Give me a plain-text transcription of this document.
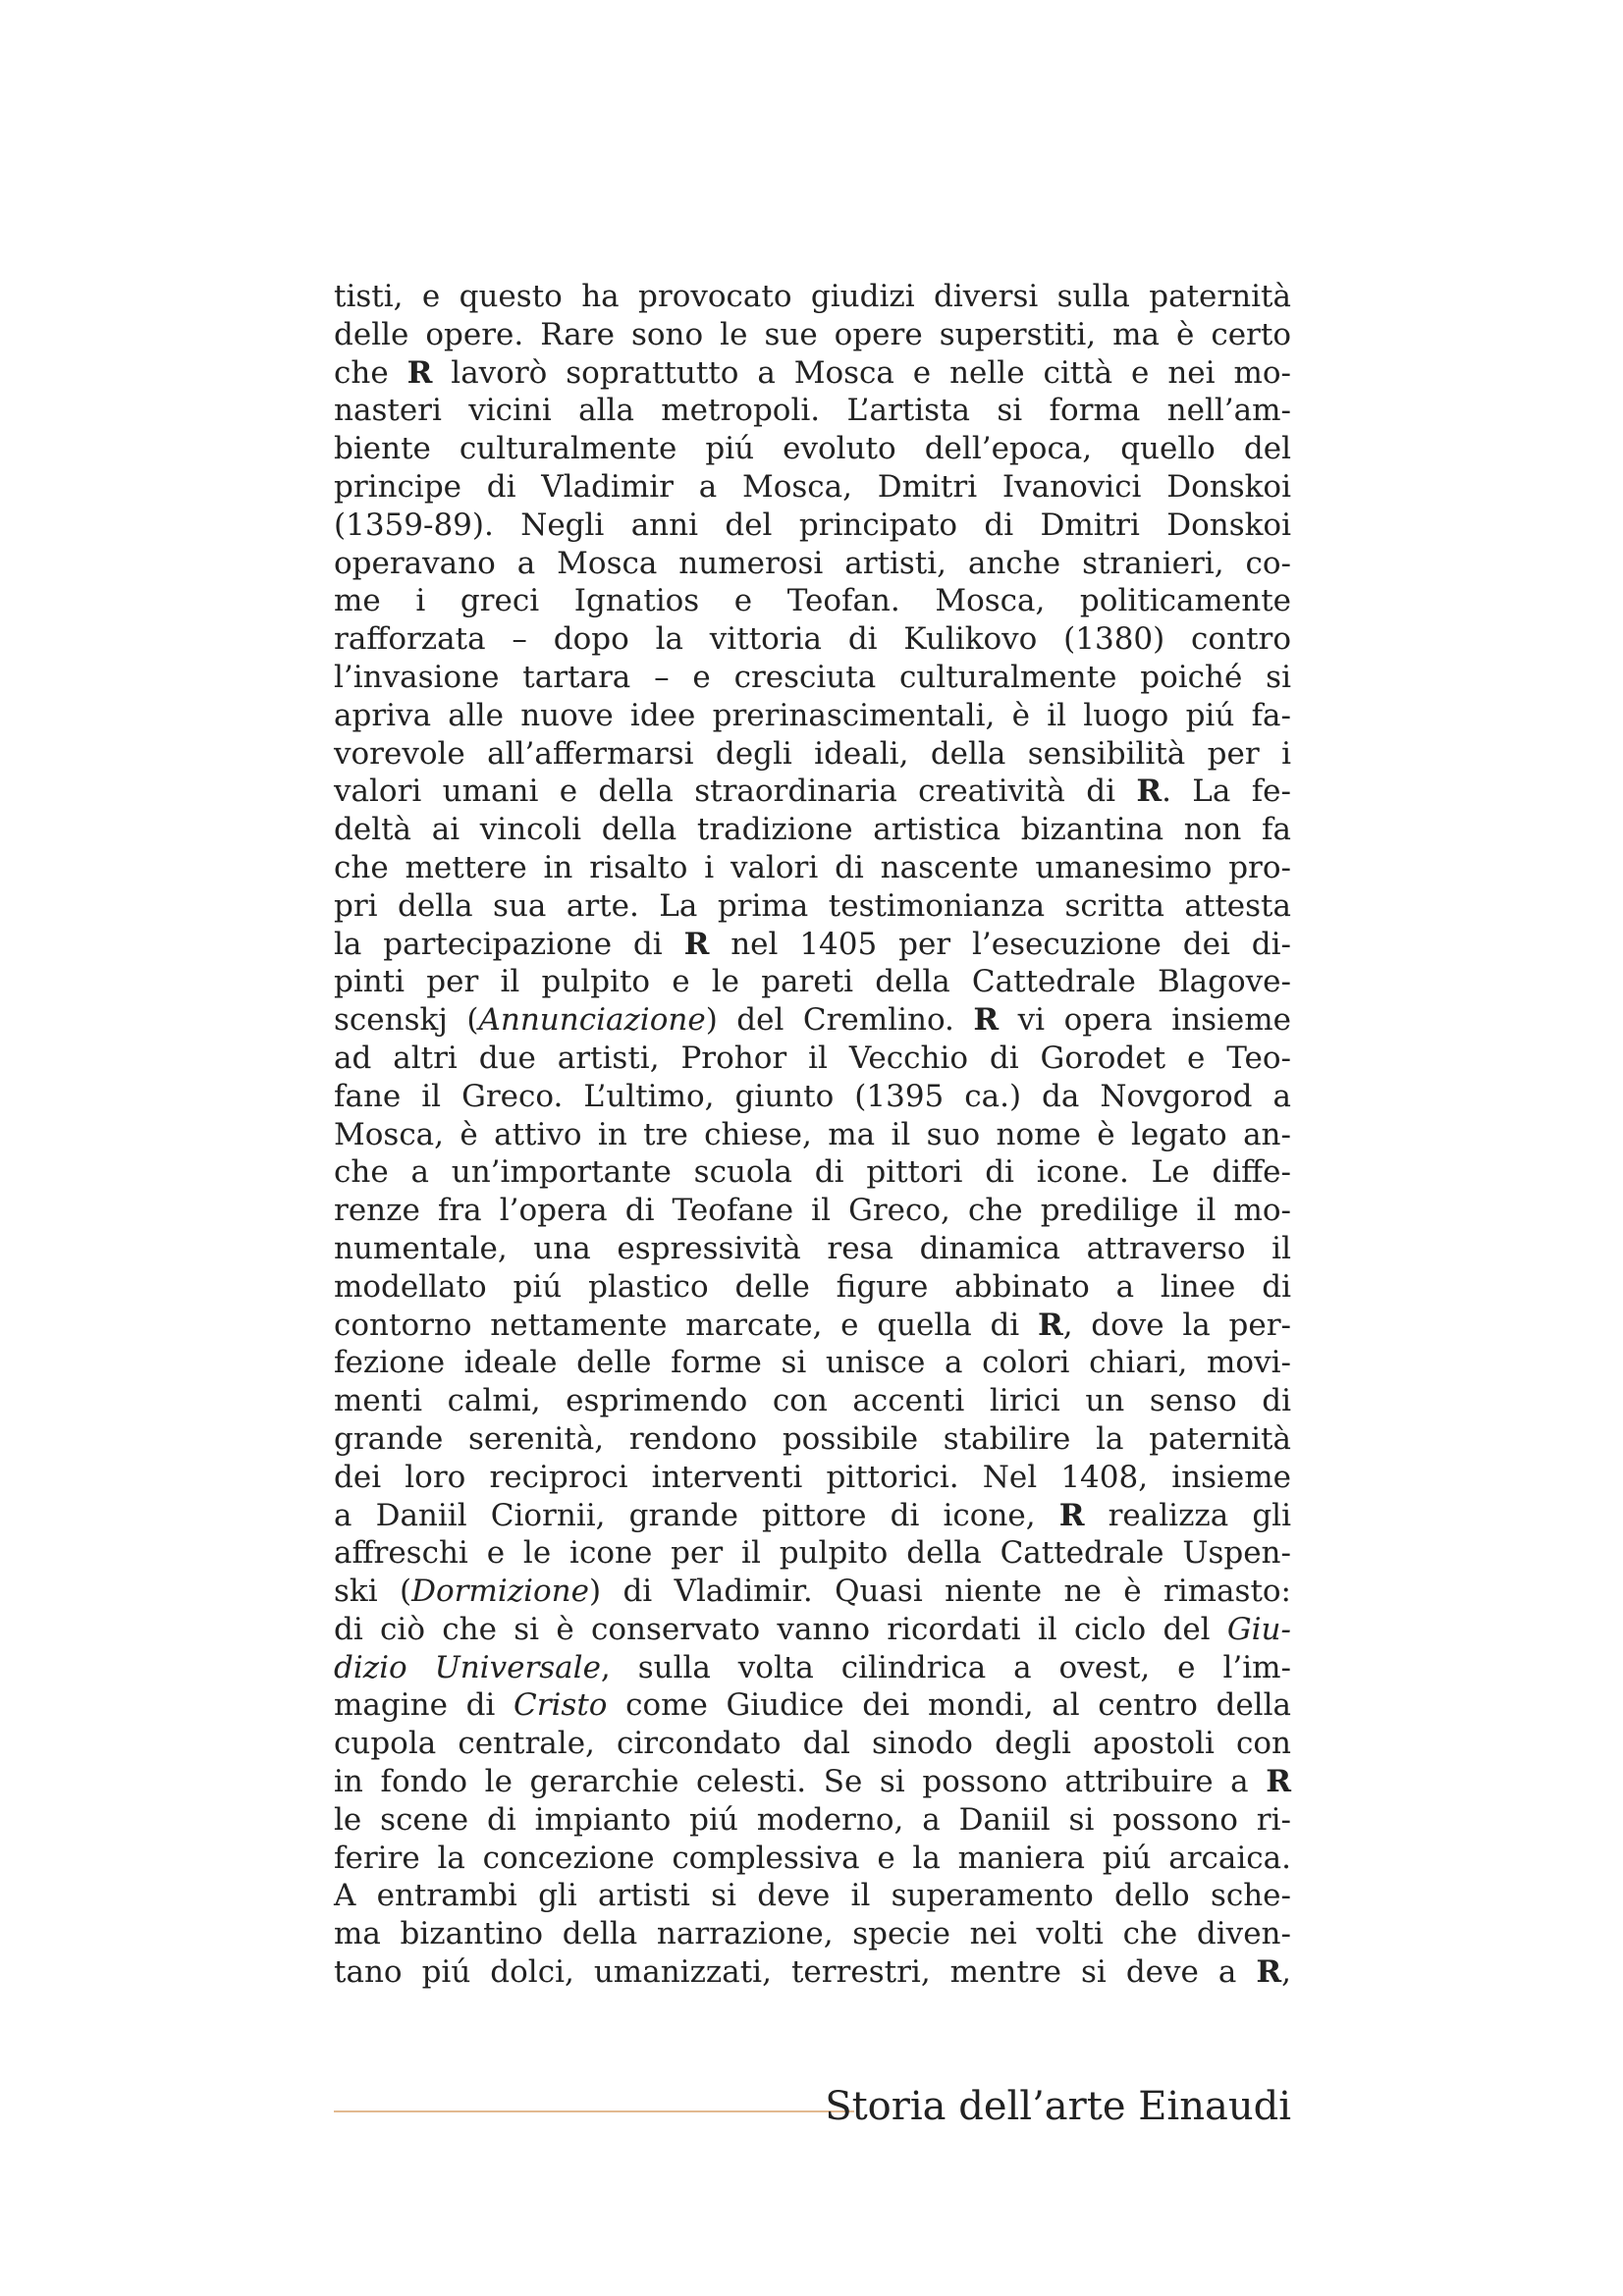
tisti, e questo ha provocato giudizi diversi sulla paternità
delle opere. Rare sono le sue opere superstiti, ma è certo
che R lavorò soprattutto a Mosca e nelle città e nei mo-
nasteri vicini alla metropoli. L’artista si forma nell’am-
biente culturalmente piú evoluto dell’epoca, quello del
principe di Vladimir a Mosca, Dmitri Ivanovici Donskoi
(1359-89). Negli anni del principato di Dmitri Donskoi
operavano a Mosca numerosi artisti, anche stranieri, co-
me i greci Ignatios e Teofan. Mosca, politicamente
rafforzata – dopo la vittoria di Kulikovo (1380) contro
l’invasione tartara – e cresciuta culturalmente poiché si
apriva alle nuove idee prerinascimentali, è il luogo piú fa-
vorevole all’affermarsi degli ideali, della sensibilità per i
valori umani e della straordinaria creatività di R. La fe-
deltà ai vincoli della tradizione artistica bizantina non fa
che mettere in risalto i valori di nascente umanesimo pro-
pri della sua arte. La prima testimonianza scritta attesta
la partecipazione di R nel 1405 per l’esecuzione dei di-
pinti per il pulpito e le pareti della Cattedrale Blagove-
scenskj (Annunciazione) del Cremlino. R vi opera insieme
ad altri due artisti, Prohor il Vecchio di Gorodet e Teo-
fane il Greco. L’ultimo, giunto (1395 ca.) da Novgorod a
Mosca, è attivo in tre chiese, ma il suo nome è legato an-
che a un’importante scuola di pittori di icone. Le diffe-
renze fra l’opera di Teofane il Greco, che predilige il mo-
numentale, una espressività resa dinamica attraverso il
modellato piú plastico delle figure abbinato a linee di
contorno nettamente marcate, e quella di R, dove la per-
fezione ideale delle forme si unisce a colori chiari, movi-
menti calmi, esprimendo con accenti lirici un senso di
grande serenità, rendono possibile stabilire la paternità
dei loro reciproci interventi pittorici. Nel 1408, insieme
a Daniil Ciornii, grande pittore di icone, R realizza gli
affreschi e le icone per il pulpito della Cattedrale Uspen-
ski (Dormizione) di Vladimir. Quasi niente ne è rimasto:
di ciò che si è conservato vanno ricordati il ciclo del Giu-
dizio Universale, sulla volta cilindrica a ovest, e l’im-
magine di Cristo come Giudice dei mondi, al centro della
cupola centrale, circondato dal sinodo degli apostoli con
in fondo le gerarchie celesti. Se si possono attribuire a R
le scene di impianto piú moderno, a Daniil si possono ri-
ferire la concezione complessiva e la maniera piú arcaica.
A entrambi gli artisti si deve il superamento dello sche-
ma bizantino della narrazione, specie nei volti che diven-
tano piú dolci, umanizzati, terrestri, mentre si deve a R,
Storia dell’arte Einaudi
